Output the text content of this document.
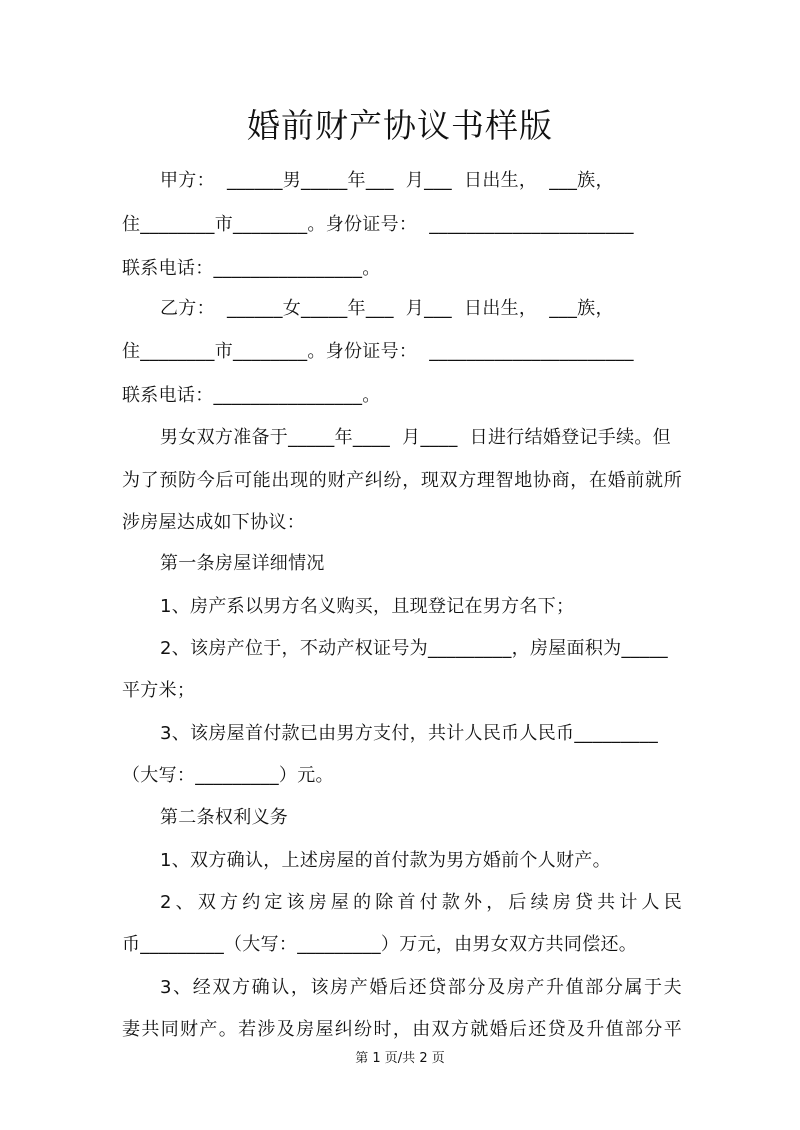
婚前财产协议书样版
甲方：  ______男_____年___  月___  日出生，  ___族，
住________市________。身份证号：  ______________________
联系电话：________________。
乙方：  ______女_____年___  月___  日出生，  ___族，
住________市________。身份证号：  ______________________
联系电话：________________。
男女双方准备于_____年____  月____  日进行结婚登记手续。但
为了预防今后可能出现的财产纠纷，现双方理智地协商，在婚前就所
涉房屋达成如下协议：
第一条房屋详细情况
1、房产系以男方名义购买，且现登记在男方名下；
2、该房产位于，不动产权证号为_________，房屋面积为_____
平方米；
3、该房屋首付款已由男方支付，共计人民币人民币_________
（大写：_________）元。
第二条权利义务
1、双方确认，上述房屋的首付款为男方婚前个人财产。
2、双方约定该房屋的除首付款外，后续房贷共计人民
币_________（大写：_________）万元，由男女双方共同偿还。
3、经双方确认，该房产婚后还贷部分及房产升值部分属于夫
妻共同财产。若涉及房屋纠纷时，由双方就婚后还贷及升值部分平
第 1 页/共 2 页
